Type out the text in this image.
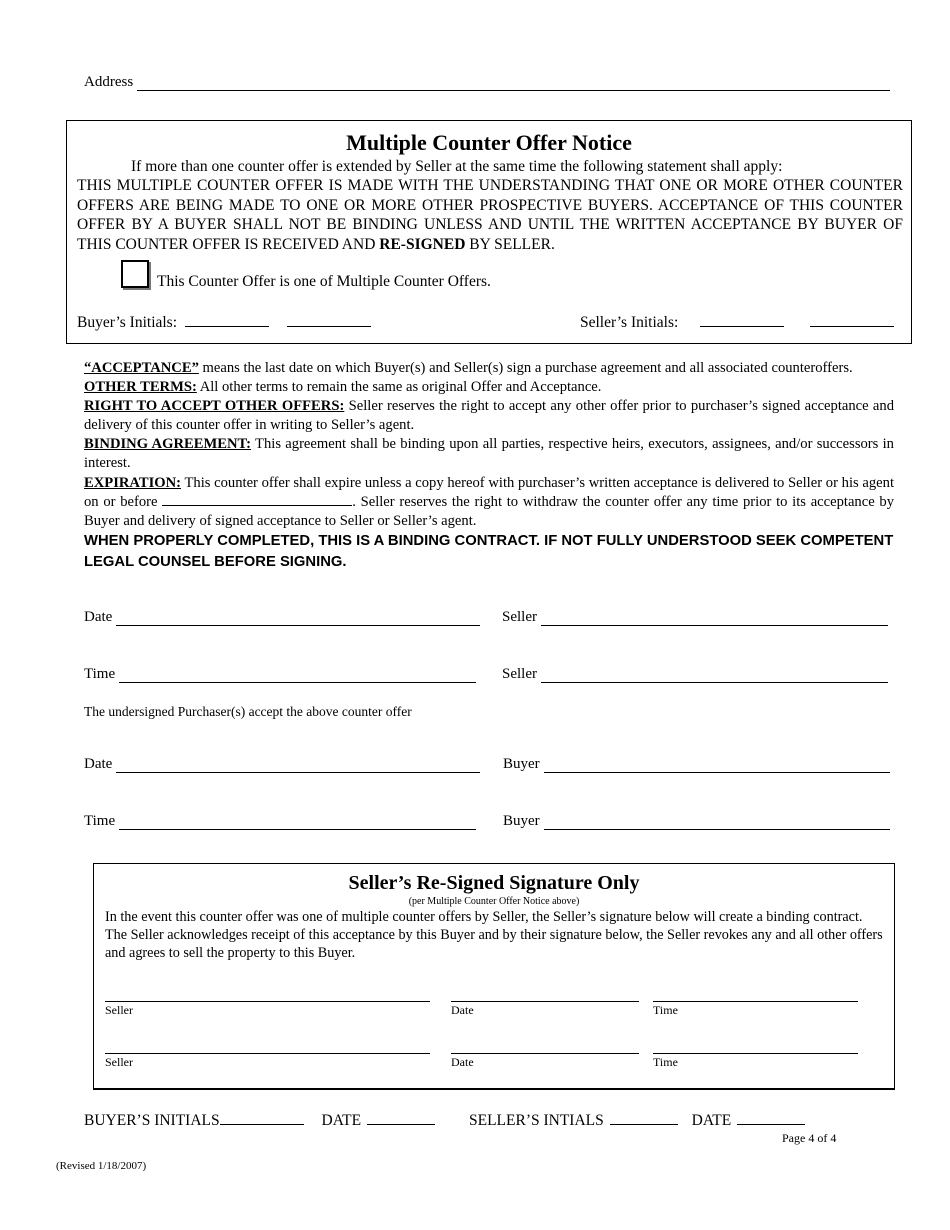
Address
Multiple Counter Offer Notice
If more than one counter offer is extended by Seller at the same time the following statement shall apply:
THIS MULTIPLE COUNTER OFFER IS MADE WITH THE UNDERSTANDING THAT ONE OR MORE OTHER COUNTER OFFERS ARE BEING MADE TO ONE OR MORE OTHER PROSPECTIVE BUYERS. ACCEPTANCE OF THIS COUNTER OFFER BY A BUYER SHALL NOT BE BINDING UNLESS AND UNTIL THE WRITTEN ACCEPTANCE BY BUYER OF THIS COUNTER OFFER IS RECEIVED AND RE-SIGNED BY SELLER.
This Counter Offer is one of Multiple Counter Offers.
Buyer’s Initials:	Seller’s Initials:

“ACCEPTANCE” means the last date on which Buyer(s) and Seller(s) sign a purchase agreement and all associated counteroffers.

OTHER TERMS: All other terms to remain the same as original Offer and Acceptance.

RIGHT TO ACCEPT OTHER OFFERS: Seller reserves the right to accept any other offer prior to purchaser’s signed acceptance and delivery of this counter offer in writing to Seller’s agent.

BINDING AGREEMENT: This agreement shall be binding upon all parties, respective heirs, executors, assignees, and/or successors in interest.

EXPIRATION: This counter offer shall expire unless a copy hereof with purchaser’s written acceptance is delivered to Seller or his agent on or before	. Seller reserves the right to withdraw the counter offer any time prior to its acceptance by Buyer and delivery of signed acceptance to Seller or Seller’s agent.

WHEN PROPERLY COMPLETED, THIS IS A BINDING CONTRACT. IF NOT FULLY UNDERSTOOD SEEK COMPETENT LEGAL COUNSEL BEFORE SIGNING.

Date	Seller
Time	Seller
The undersigned Purchaser(s) accept the above counter offer
Date	Buyer
Time	Buyer
Seller’s Re-Signed Signature Only
(per Multiple Counter Offer Notice above)
In the event this counter offer was one of multiple counter offers by Seller, the Seller’s signature below will create a binding contract. The Seller acknowledges receipt of this acceptance by this Buyer and by their signature below, the Seller revokes any and all other offers and agrees to sell the property to this Buyer.
Seller	Date	Time
Seller	Date	Time
BUYER’S INITIALS	DATE	SELLER’S INTIALS	DATE
Page 4 of 4
(Revised 1/18/2007)
